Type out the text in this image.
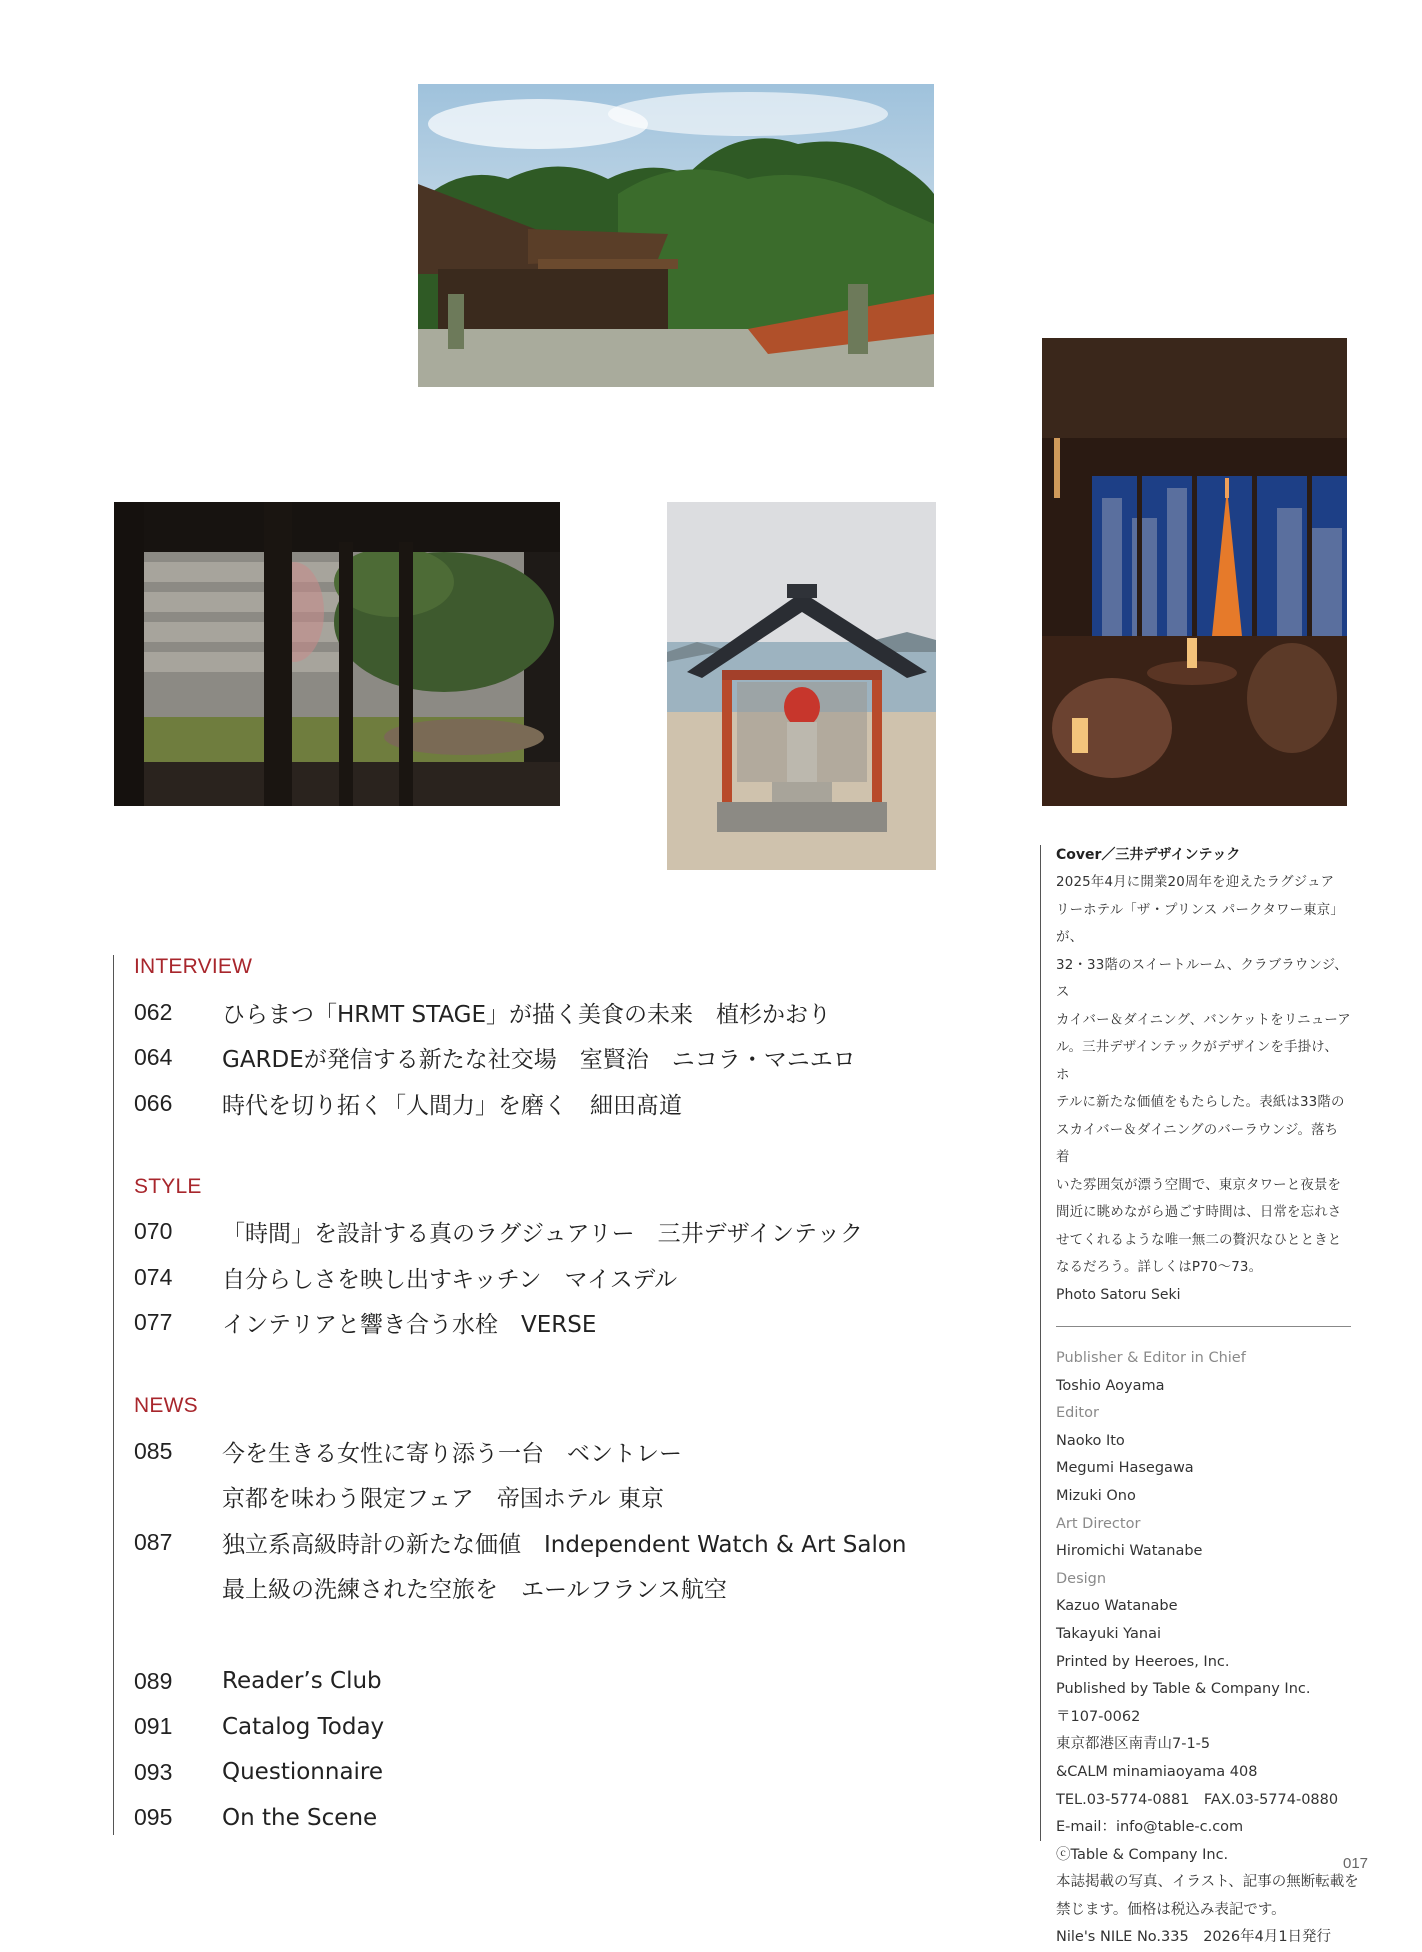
INTERVIEW
062	ひらまつ「HRMT STAGE」が描く美食の未来　植杉かおり
064	GARDEが発信する新たな社交場　室賢治　ニコラ・マニエロ
066	時代を切り拓く「人間力」を磨く　細田髙道
STYLE
070	「時間」を設計する真のラグジュアリー　三井デザインテック
074	自分らしさを映し出すキッチン　マイスデル
077	インテリアと響き合う水栓　VERSE
NEWS
085	今を生きる女性に寄り添う一台　ベントレー
京都を味わう限定フェア　帝国ホテル 東京
087	独立系高級時計の新たな価値　Independent Watch & Art Salon
最上級の洗練された空旅を　エールフランス航空
089	Reader’s Club
091	Catalog Today
093	Questionnaire
095	On the Scene
Cover／三井デザインテック
2025年4月に開業20周年を迎えたラグジュア
リーホテル「ザ・プリンス パークタワー東京」が、
32・33階のスイートルーム、クラブラウンジ、ス
カイバー＆ダイニング、バンケットをリニューア
ル。三井デザインテックがデザインを手掛け、ホ
テルに新たな価値をもたらした。表紙は33階の
スカイバー＆ダイニングのバーラウンジ。落ち着
いた雰囲気が漂う空間で、東京タワーと夜景を
間近に眺めながら過ごす時間は、日常を忘れさ
せてくれるような唯一無二の贅沢なひとときと
なるだろう。詳しくはP70〜73。
Photo Satoru Seki
Publisher & Editor in Chief
Toshio Aoyama
Editor
Naoko Ito
Megumi Hasegawa
Mizuki Ono
Art Director
Hiromichi Watanabe
Design
Kazuo Watanabe
Takayuki Yanai
Printed by Heeroes, Inc.
Published by Table & Company Inc.
〒107-0062
東京都港区南青山7-1-5
&CALM minamiaoyama 408
TEL.03-5774-0881　FAX.03-5774-0880
E-mail：info@table-c.com
ⓒTable & Company Inc.
本誌掲載の写真、イラスト、記事の無断転載を
禁じます。価格は税込み表記です。
Nile's NILE No.335　2026年4月1日発行
017
